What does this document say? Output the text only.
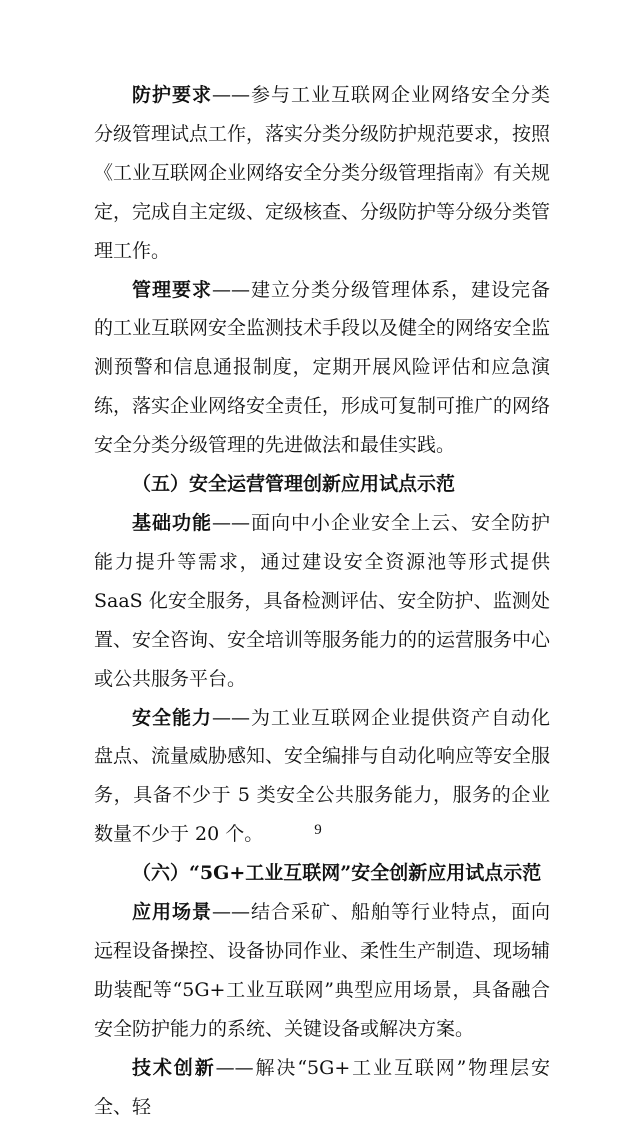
防护要求——参与工业互联网企业网络安全分类分级管理试点工作，落实分类分级防护规范要求，按照《工业互联网企业网络安全分类分级管理指南》有关规定，完成自主定级、定级核查、分级防护等分级分类管理工作。

管理要求——建立分类分级管理体系，建设完备的工业互联网安全监测技术手段以及健全的网络安全监测预警和信息通报制度，定期开展风险评估和应急演练，落实企业网络安全责任，形成可复制可推广的网络安全分类分级管理的先进做法和最佳实践。

（五）安全运营管理创新应用试点示范

基础功能——面向中小企业安全上云、安全防护能力提升等需求，通过建设安全资源池等形式提供 SaaS 化安全服务，具备检测评估、安全防护、监测处置、安全咨询、安全培训等服务能力的的运营服务中心或公共服务平台。

安全能力——为工业互联网企业提供资产自动化盘点、流量威胁感知、安全编排与自动化响应等安全服务，具备不少于 5 类安全公共服务能力，服务的企业数量不少于 20 个。

（六）“5G+工业互联网”安全创新应用试点示范

应用场景——结合采矿、船舶等行业特点，面向远程设备操控、设备协同作业、柔性生产制造、现场辅助装配等“5G+工业互联网”典型应用场景，具备融合安全防护能力的系统、关键设备或解决方案。

技术创新——解决“5G+工业互联网”物理层安全、轻

9
